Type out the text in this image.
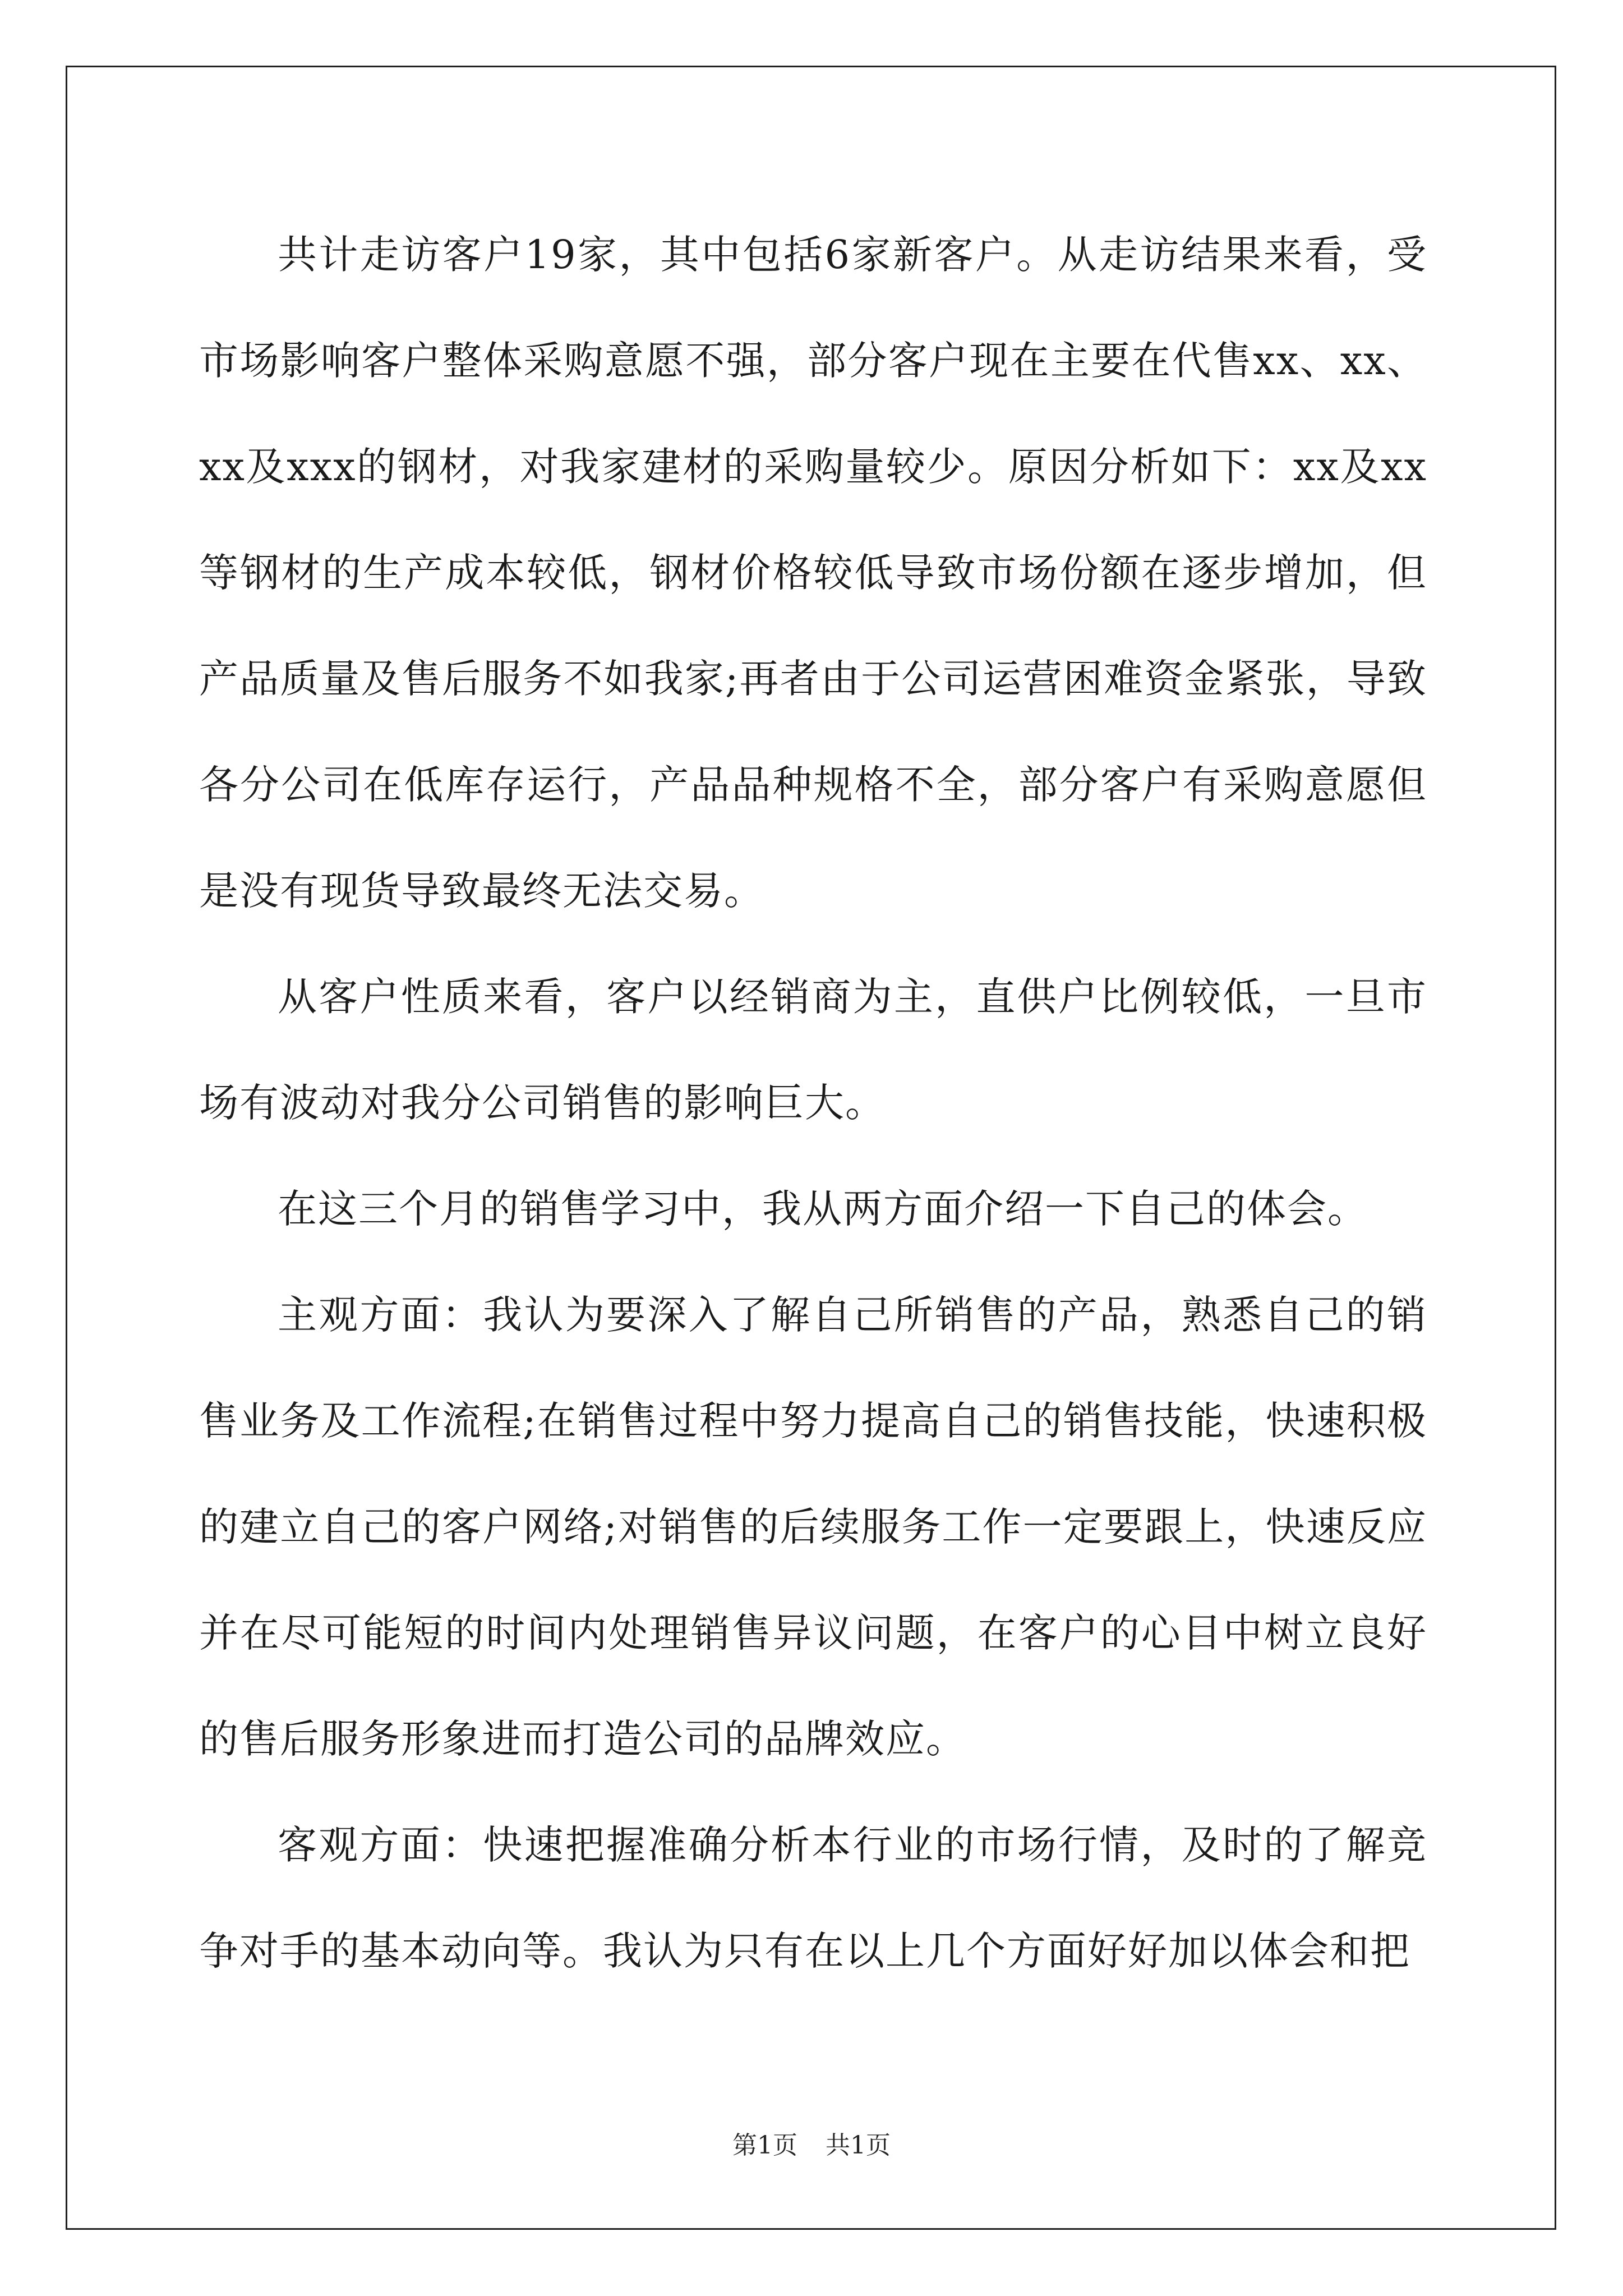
共计走访客户19家，其中包括6家新客户。从走访结果来看，受市场影响客户整体采购意愿不强，部分客户现在主要在代售xx、xx、xx及xxx的钢材，对我家建材的采购量较少。原因分析如下：xx及xx等钢材的生产成本较低，钢材价格较低导致市场份额在逐步增加，但产品质量及售后服务不如我家;再者由于公司运营困难资金紧张，导致各分公司在低库存运行，产品品种规格不全，部分客户有采购意愿但是没有现货导致最终无法交易。

从客户性质来看，客户以经销商为主，直供户比例较低，一旦市场有波动对我分公司销售的影响巨大。

在这三个月的销售学习中，我从两方面介绍一下自己的体会。

主观方面：我认为要深入了解自己所销售的产品，熟悉自己的销售业务及工作流程;在销售过程中努力提高自己的销售技能，快速积极的建立自己的客户网络;对销售的后续服务工作一定要跟上，快速反应并在尽可能短的时间内处理销售异议问题，在客户的心目中树立良好的售后服务形象进而打造公司的品牌效应。

客观方面：快速把握准确分析本行业的市场行情，及时的了解竞争对手的基本动向等。我认为只有在以上几个方面好好加以体会和把

第1页 共1页
